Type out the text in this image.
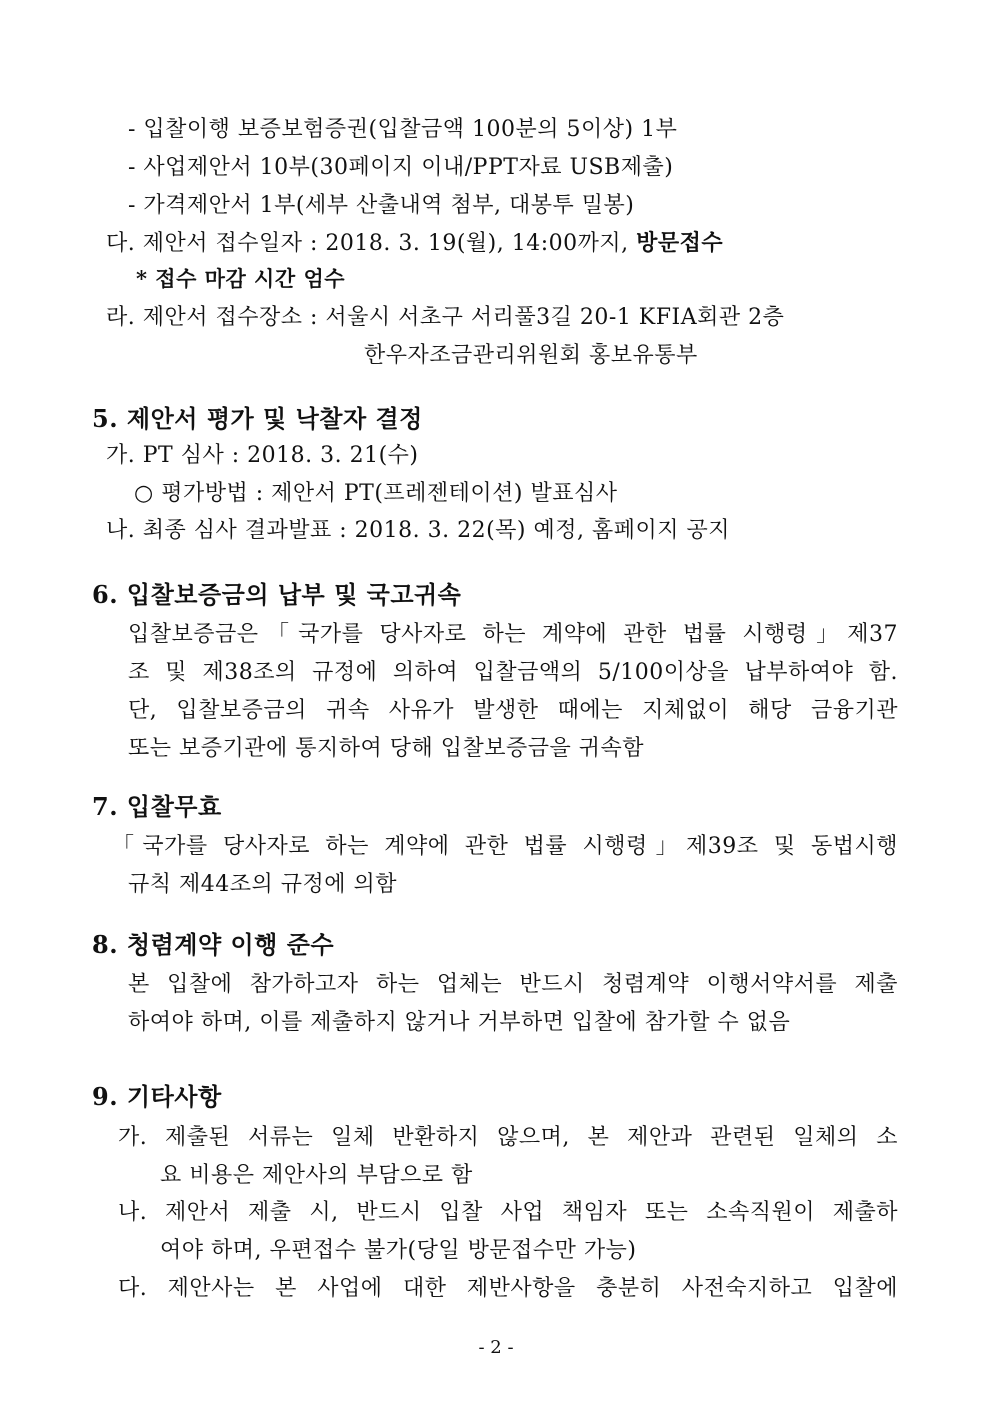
- 입찰이행 보증보험증권(입찰금액 100분의 5이상) 1부
- 사업제안서 10부(30페이지 이내/PPT자료 USB제출)
- 가격제안서 1부(세부 산출내역 첨부, 대봉투 밀봉)
다. 제안서 접수일자 : 2018. 3. 19(월), 14:00까지, 방문접수
* 접수 마감 시간 엄수
라. 제안서 접수장소 : 서울시 서초구 서리풀3길 20-1 KFIA회관 2층
한우자조금관리위원회 홍보유통부
5. 제안서 평가 및 낙찰자 결정
가. PT 심사 : 2018. 3. 21(수)
○ 평가방법 : 제안서 PT(프레젠테이션) 발표심사
나. 최종 심사 결과발표 : 2018. 3. 22(목) 예정, 홈페이지 공지
6. 입찰보증금의 납부 및 국고귀속
입찰보증금은「국가를 당사자로 하는 계약에 관한 법률 시행령」제37
조 및 제38조의 규정에 의하여 입찰금액의 5/100이상을 납부하여야 함.
단, 입찰보증금의 귀속 사유가 발생한 때에는 지체없이 해당 금융기관
또는 보증기관에 통지하여 당해 입찰보증금을 귀속함
7. 입찰무효
「국가를 당사자로 하는 계약에 관한 법률 시행령」제39조 및 동법시행
규칙 제44조의 규정에 의함
8. 청렴계약 이행 준수
본 입찰에 참가하고자 하는 업체는 반드시 청렴계약 이행서약서를 제출
하여야 하며, 이를 제출하지 않거나 거부하면 입찰에 참가할 수 없음
9. 기타사항
가. 제출된 서류는 일체 반환하지 않으며, 본 제안과 관련된 일체의 소
요 비용은 제안사의 부담으로 함
나. 제안서 제출 시, 반드시 입찰 사업 책임자 또는 소속직원이 제출하
여야 하며, 우편접수 불가(당일 방문접수만 가능)
다. 제안사는 본 사업에 대한 제반사항을 충분히 사전숙지하고 입찰에
- 2 -
